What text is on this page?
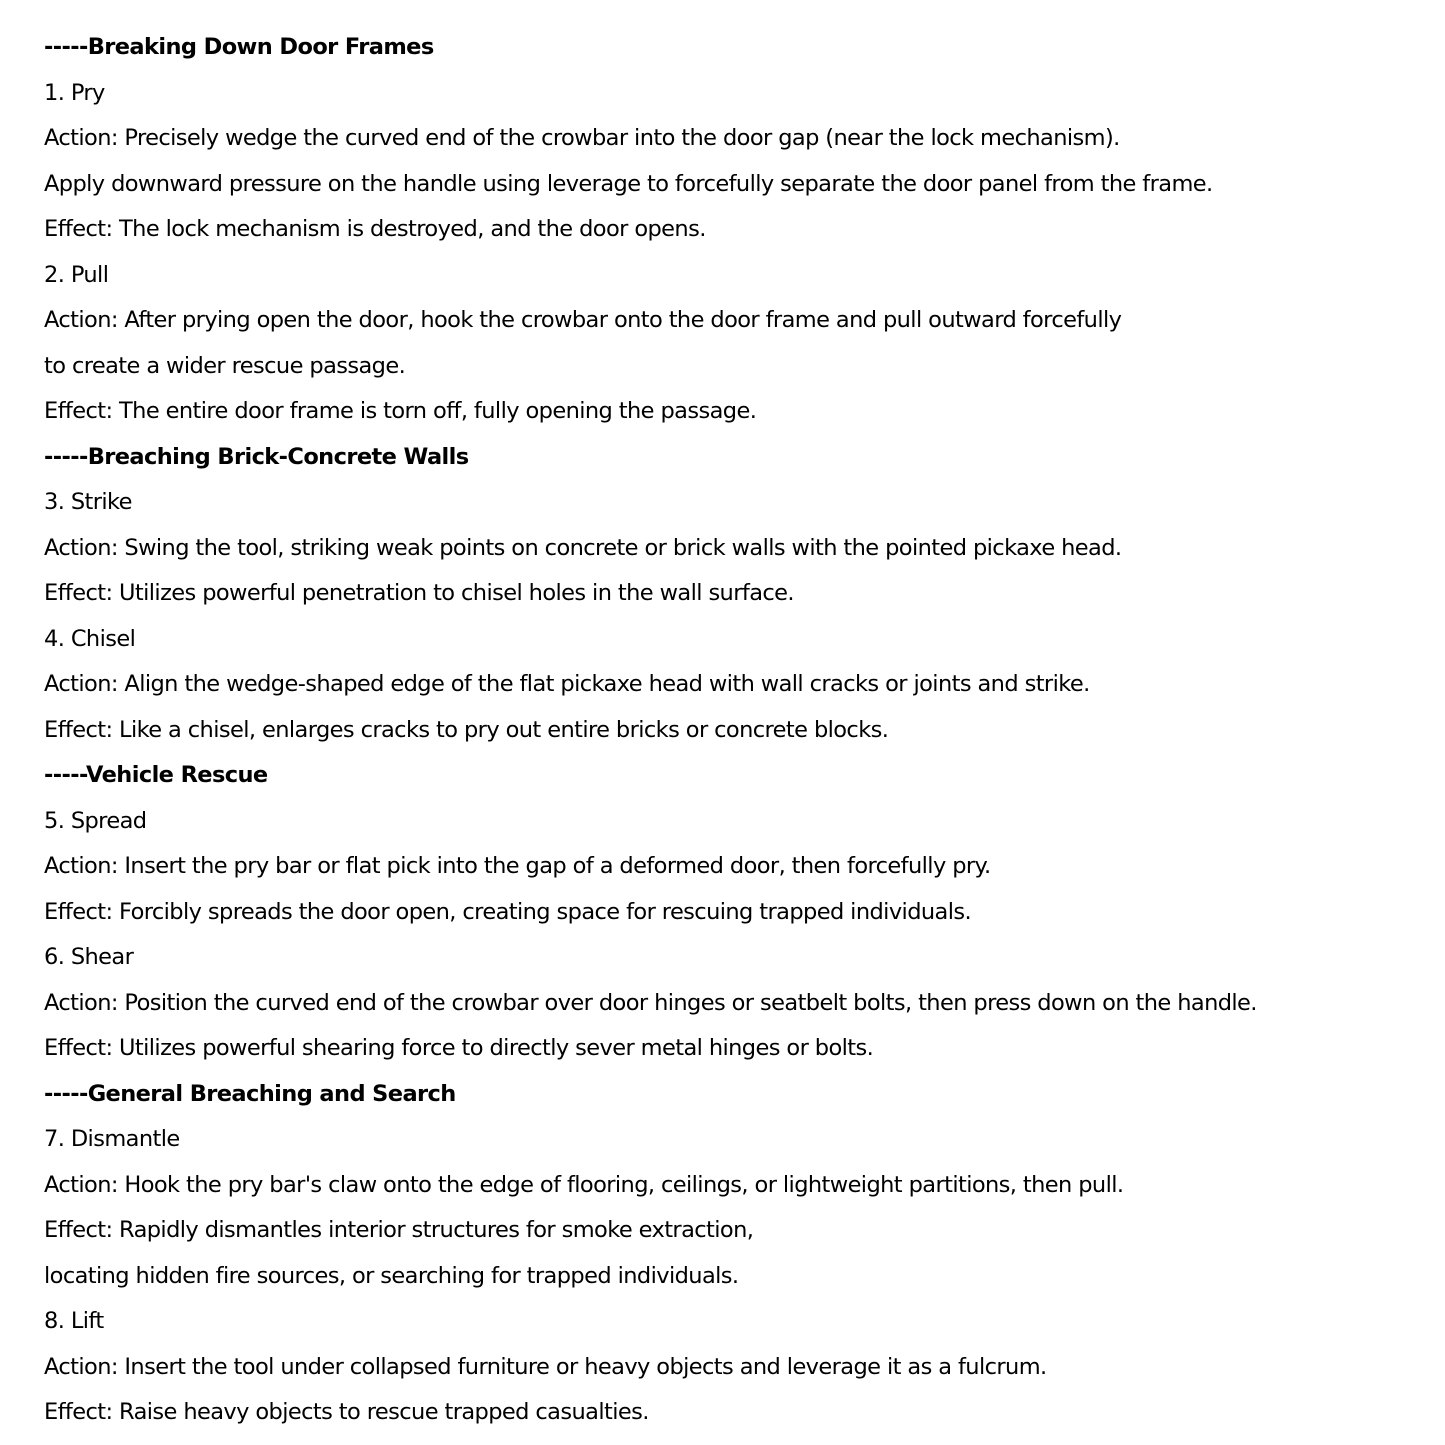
-----Breaking Down Door Frames
1. Pry
Action: Precisely wedge the curved end of the crowbar into the door gap (near the lock mechanism).
Apply downward pressure on the handle using leverage to forcefully separate the door panel from the frame.
Effect: The lock mechanism is destroyed, and the door opens.
2. Pull
Action: After prying open the door, hook the crowbar onto the door frame and pull outward forcefully
to create a wider rescue passage.
Effect: The entire door frame is torn off, fully opening the passage.
-----Breaching Brick-Concrete Walls
3. Strike
Action: Swing the tool, striking weak points on concrete or brick walls with the pointed pickaxe head.
Effect: Utilizes powerful penetration to chisel holes in the wall surface.
4. Chisel
Action: Align the wedge-shaped edge of the flat pickaxe head with wall cracks or joints and strike.
Effect: Like a chisel, enlarges cracks to pry out entire bricks or concrete blocks.
-----Vehicle Rescue
5. Spread
Action: Insert the pry bar or flat pick into the gap of a deformed door, then forcefully pry.
Effect: Forcibly spreads the door open, creating space for rescuing trapped individuals.
6. Shear
Action: Position the curved end of the crowbar over door hinges or seatbelt bolts, then press down on the handle.
Effect: Utilizes powerful shearing force to directly sever metal hinges or bolts.
-----General Breaching and Search
7. Dismantle
Action: Hook the pry bar's claw onto the edge of flooring, ceilings, or lightweight partitions, then pull.
Effect: Rapidly dismantles interior structures for smoke extraction,
locating hidden fire sources, or searching for trapped individuals.
8. Lift
Action: Insert the tool under collapsed furniture or heavy objects and leverage it as a fulcrum.
Effect: Raise heavy objects to rescue trapped casualties.
